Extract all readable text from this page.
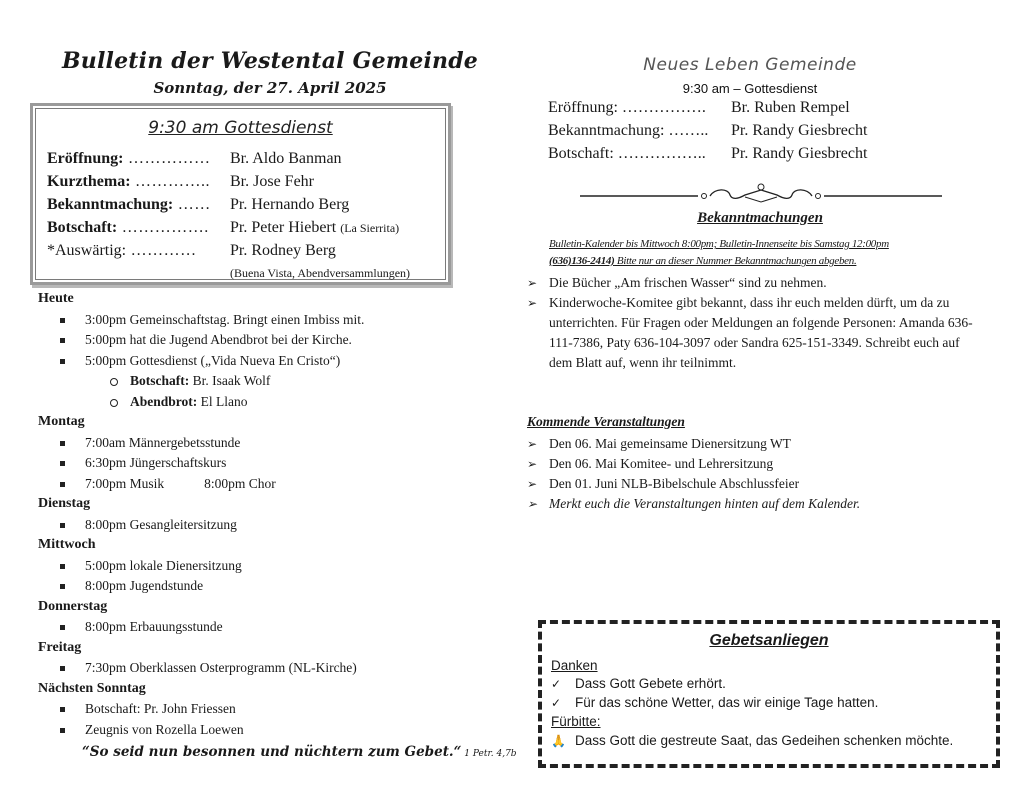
Bulletin der Westental Gemeinde
Sonntag, der 27. April 2025
9:30 am Gottesdienst
Eröffnung: …………… Br. Aldo Banman
Kurzthema: ………….. Br. Jose Fehr
Bekanntmachung: …… Pr. Hernando Berg
Botschaft: ……………. Pr. Peter Hiebert (La Sierrita)
*Auswärtig: ………… Pr. Rodney Berg
(Buena Vista, Abendversammlungen)
Heute
3:00pm Gemeinschaftstag. Bringt einen Imbiss mit.
5:00pm hat die Jugend Abendbrot bei der Kirche.
5:00pm Gottesdienst („Vida Nueva En Cristo“)
Botschaft: Br. Isaak Wolf
Abendbrot: El Llano
Montag
7:00am Männergebetsstunde
6:30pm Jüngerschaftskurs
7:00pm Musik	8:00pm Chor
Dienstag
8:00pm Gesangleitersitzung
Mittwoch
5:00pm lokale Dienersitzung
8:00pm Jugendstunde
Donnerstag
8:00pm Erbauungsstunde
Freitag
7:30pm Oberklassen Osterprogramm (NL-Kirche)
Nächsten Sonntag
Botschaft: Pr. John Friessen
Zeugnis von Rozella Loewen
“So seid nun besonnen und nüchtern zum Gebet.“ 1 Petr. 4,7b
Neues Leben Gemeinde
9:30 am – Gottesdienst
Eröffnung: ……………. Br. Ruben Rempel
Bekanntmachung: …….. Pr. Randy Giesbrecht
Botschaft: …………….. Pr. Randy Giesbrecht
Bekanntmachungen
Bulletin-Kalender bis Mittwoch 8:00pm; Bulletin-Innenseite bis Samstag 12:00pm
(636)136-2414) Bitte nur an dieser Nummer Bekanntmachungen abgeben.
➢ Die Bücher „Am frischen Wasser“ sind zu nehmen.
➢ Kinderwoche-Komitee gibt bekannt, dass ihr euch melden dürft, um da zu unterrichten. Für Fragen oder Meldungen an folgende Personen: Amanda 636-111-7386, Paty 636-104-3097 oder Sandra 625-151-3349. Schreibt euch auf dem Blatt auf, wenn ihr teilnimmt.
Kommende Veranstaltungen
➢ Den 06. Mai gemeinsame Dienersitzung WT
➢ Den 06. Mai Komitee- und Lehrersitzung
➢ Den 01. Juni NLB-Bibelschule Abschlussfeier
➢ Merkt euch die Veranstaltungen hinten auf dem Kalender.
Gebetsanliegen
Danken
✓ Dass Gott Gebete erhört.
✓ Für das schöne Wetter, das wir einige Tage hatten.
Fürbitte:
🙏 Dass Gott die gestreute Saat, das Gedeihen schenken möchte.
